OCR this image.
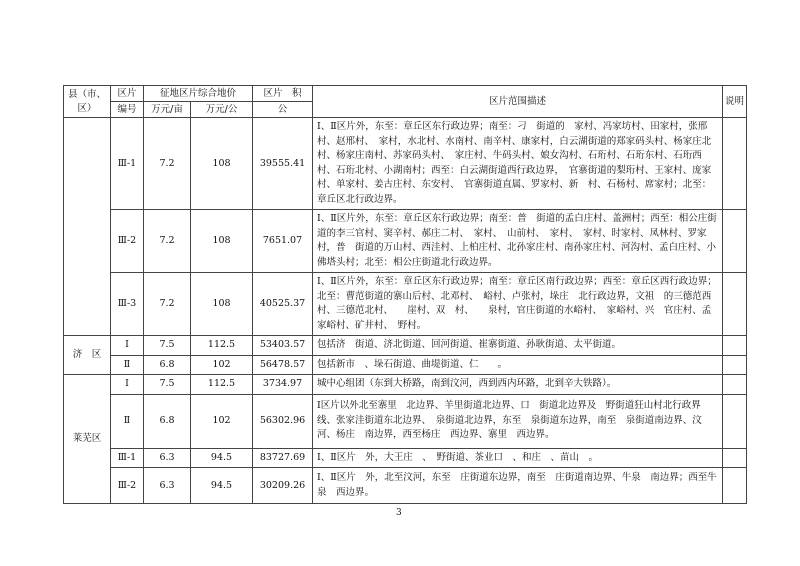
县（市、区）	区片	征地区片综合地价		区片　积	区片范围描述	说明
	编号	万元/亩	万元/公	公		
	Ⅲ-1	7.2	108	39555.41	Ⅰ、Ⅱ区片外，东至：章丘区东行政边界；南至：刁　街道的　家村、冯家坊村、田家村，张邢村、赵邢村、　家村，水北村、水南村、南辛村、康家村，白云湖街道的郑家码头村、杨家庄北村、杨家庄南村、苏家码头村、　家庄村、牛码头村、娘女沟村、石珩村、石珩东村、石珩西村、石珩北村、小湖南村；西至：白云湖街道西行政边界，　官寨街道的梨珩村、王家村、庞家村、单家村、姜古庄村、东安村、　官寨街道直属、罗家村、新　村、石杨村、席家村；北至：章丘区北行政边界。	
	Ⅲ-2	7.2	108	7651.07	Ⅰ、Ⅱ区片外，东至：章丘区东行政边界；南至：普　街道的孟白庄村、盖洲村；西至：相公庄街道的李三官村、窦辛村、郝庄二村、　家村、　山前村、　家村、　家村、时家村、凤林村、罗家村，普　街道的万山村、西洼村、上柏庄村、北孙家庄村、南孙家庄村、河沟村、孟白庄村、小佛塔头村；北至：相公庄街道北行政边界。	
	Ⅲ-3	7.2	108	40525.37	Ⅰ、Ⅱ区片外，东至：章丘区东行政边界；南至：章丘区南行政边界；西至：章丘区西行政边界；北至：曹范街道的寨山后村、北邓村、　峪村、卢张村，垛庄　北行政边界，文祖　的三德范西村、三德范北村、　　崖村、双　村、　　泉村，官庄街道的水峪村、　家峪村、兴　官庄村、孟家峪村、矿井村、　野村。	
济　区	Ⅰ	7.5	112.5	53403.57	包括济　街道、济北街道、回河街道、崔寨街道、孙耿街道、太平街道。	
	Ⅱ	6.8	102	56478.57	包括新市　、垛石街道、曲堤街道、仁　　。	
莱芜区	Ⅰ	7.5	112.5	3734.97	城中心组团（东到大桥路，南到汶河，西到西内环路，北到辛大铁路）。	
	Ⅱ	6.8	102	56302.96	Ⅰ区片以外北至寨里　北边界、羊里街道北边界、口　街道北边界及　野街道狂山村北行政界线、张家洼街道东北边界、　泉街道北边界，东至　泉街道东边界，南至　泉街道南边界、汶河、杨庄　南边界，西至杨庄　西边界、寨里　西边界。	
	Ⅲ-1	6.3	94.5	83727.69	Ⅰ、Ⅱ区片　外，大王庄　、　野街道、茶业口　、和庄　、苗山　。	
	Ⅲ-2	6.3	94.5	30209.26	Ⅰ、Ⅱ区片　外，北至汶河，东至　庄街道东边界，南至　庄街道南边界、牛泉　南边界；西至牛泉　西边界。	
3
